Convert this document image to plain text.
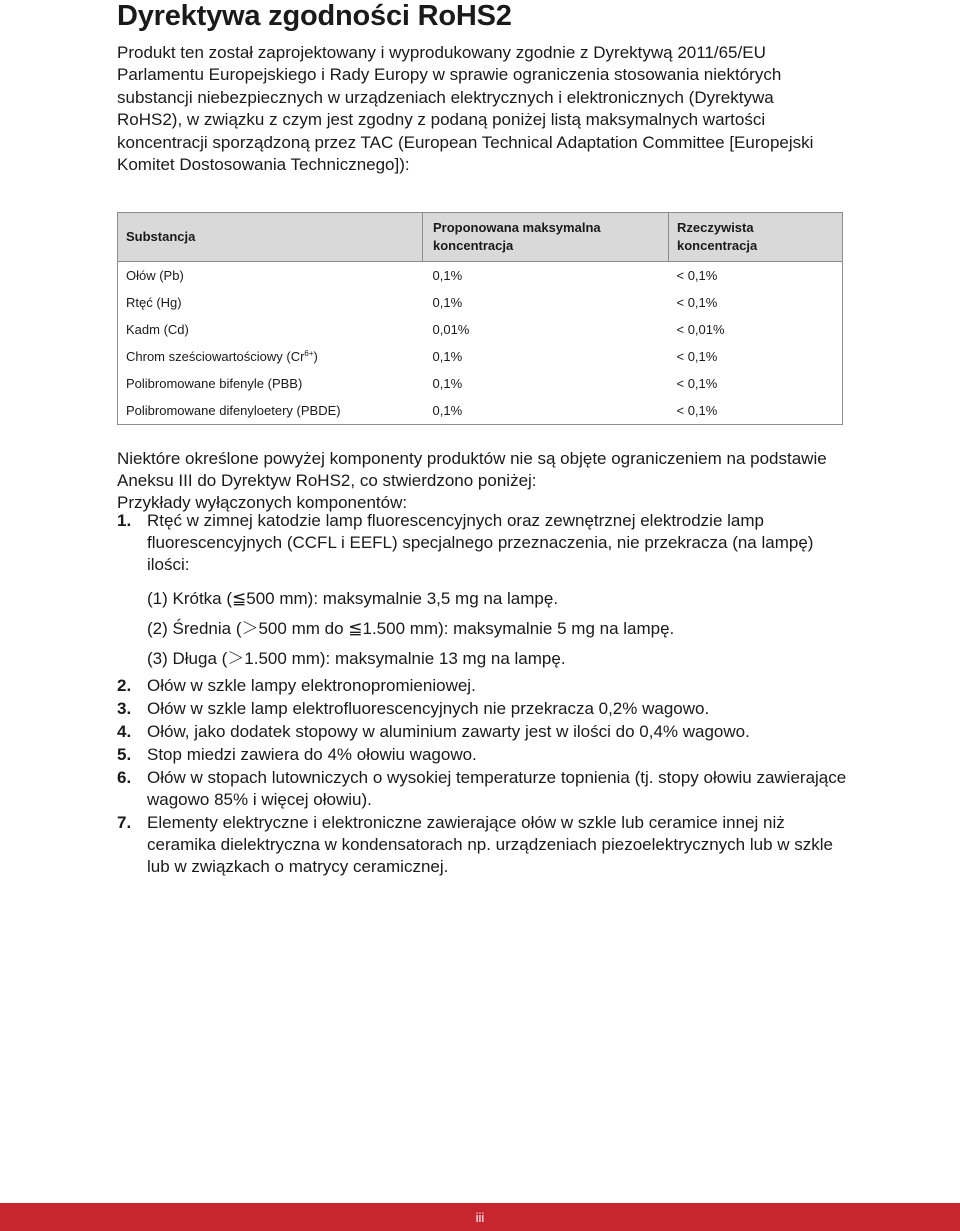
Dyrektywa zgodności RoHS2

Produkt ten został zaprojektowany i wyprodukowany zgodnie z Dyrektywą 2011/65/EU Parlamentu Europejskiego i Rady Europy w sprawie ograniczenia stosowania niektórych substancji niebezpiecznych w urządzeniach elektrycznych i elektronicznych (Dyrektywa RoHS2), w związku z czym jest zgodny z podaną poniżej listą maksymalnych wartości koncentracji sporządzoną przez TAC (European Technical Adaptation Committee [Europejski Komitet Dostosowania Technicznego]):

Substancja	Proponowana maksymalna koncentracja	Rzeczywista koncentracja
Ołów (Pb)	0,1%	< 0,1%
Rtęć (Hg)	0,1%	< 0,1%
Kadm (Cd)	0,01%	< 0,01%
Chrom sześciowartościowy $(Cr^{6+})$	0,1%	< 0,1%
Polibromowane bifenyle (PBB)	0,1%	< 0,1%
Polibromowane difenyloetery (PBDE)	0,1%	< 0,1%
Niektóre określone powyżej komponenty produktów nie są objęte ograniczeniem na podstawie Aneksu III do Dyrektyw RoHS2, co stwierdzono poniżej:
Przykłady wyłączonych komponentów:
1. Rtęć w zimnej katodzie lamp fluorescencyjnych oraz zewnętrznej elektrodzie lamp fluorescencyjnych (CCFL i EEFL) specjalnego przeznaczenia, nie przekracza (na lampę) ilości:
(1) Krótka (≦500 mm): maksymalnie 3,5 mg na lampę.
(2) Średnia (＞500 mm do ≦1.500 mm): maksymalnie 5 mg na lampę.
(3) Długa (＞1.500 mm): maksymalnie 13 mg na lampę.
2. Ołów w szkle lampy elektronopromieniowej.
3. Ołów w szkle lamp elektrofluorescencyjnych nie przekracza 0,2% wagowo.
4. Ołów, jako dodatek stopowy w aluminium zawarty jest w ilości do 0,4% wagowo.
5. Stop miedzi zawiera do 4% ołowiu wagowo.
6. Ołów w stopach lutowniczych o wysokiej temperaturze topnienia (tj. stopy ołowiu zawierające wagowo 85% i więcej ołowiu).
7. Elementy elektryczne i elektroniczne zawierające ołów w szkle lub ceramice innej niż ceramika dielektryczna w kondensatorach np. urządzeniach piezoelektrycznych lub w szkle lub w związkach o matrycy ceramicznej.
iii
